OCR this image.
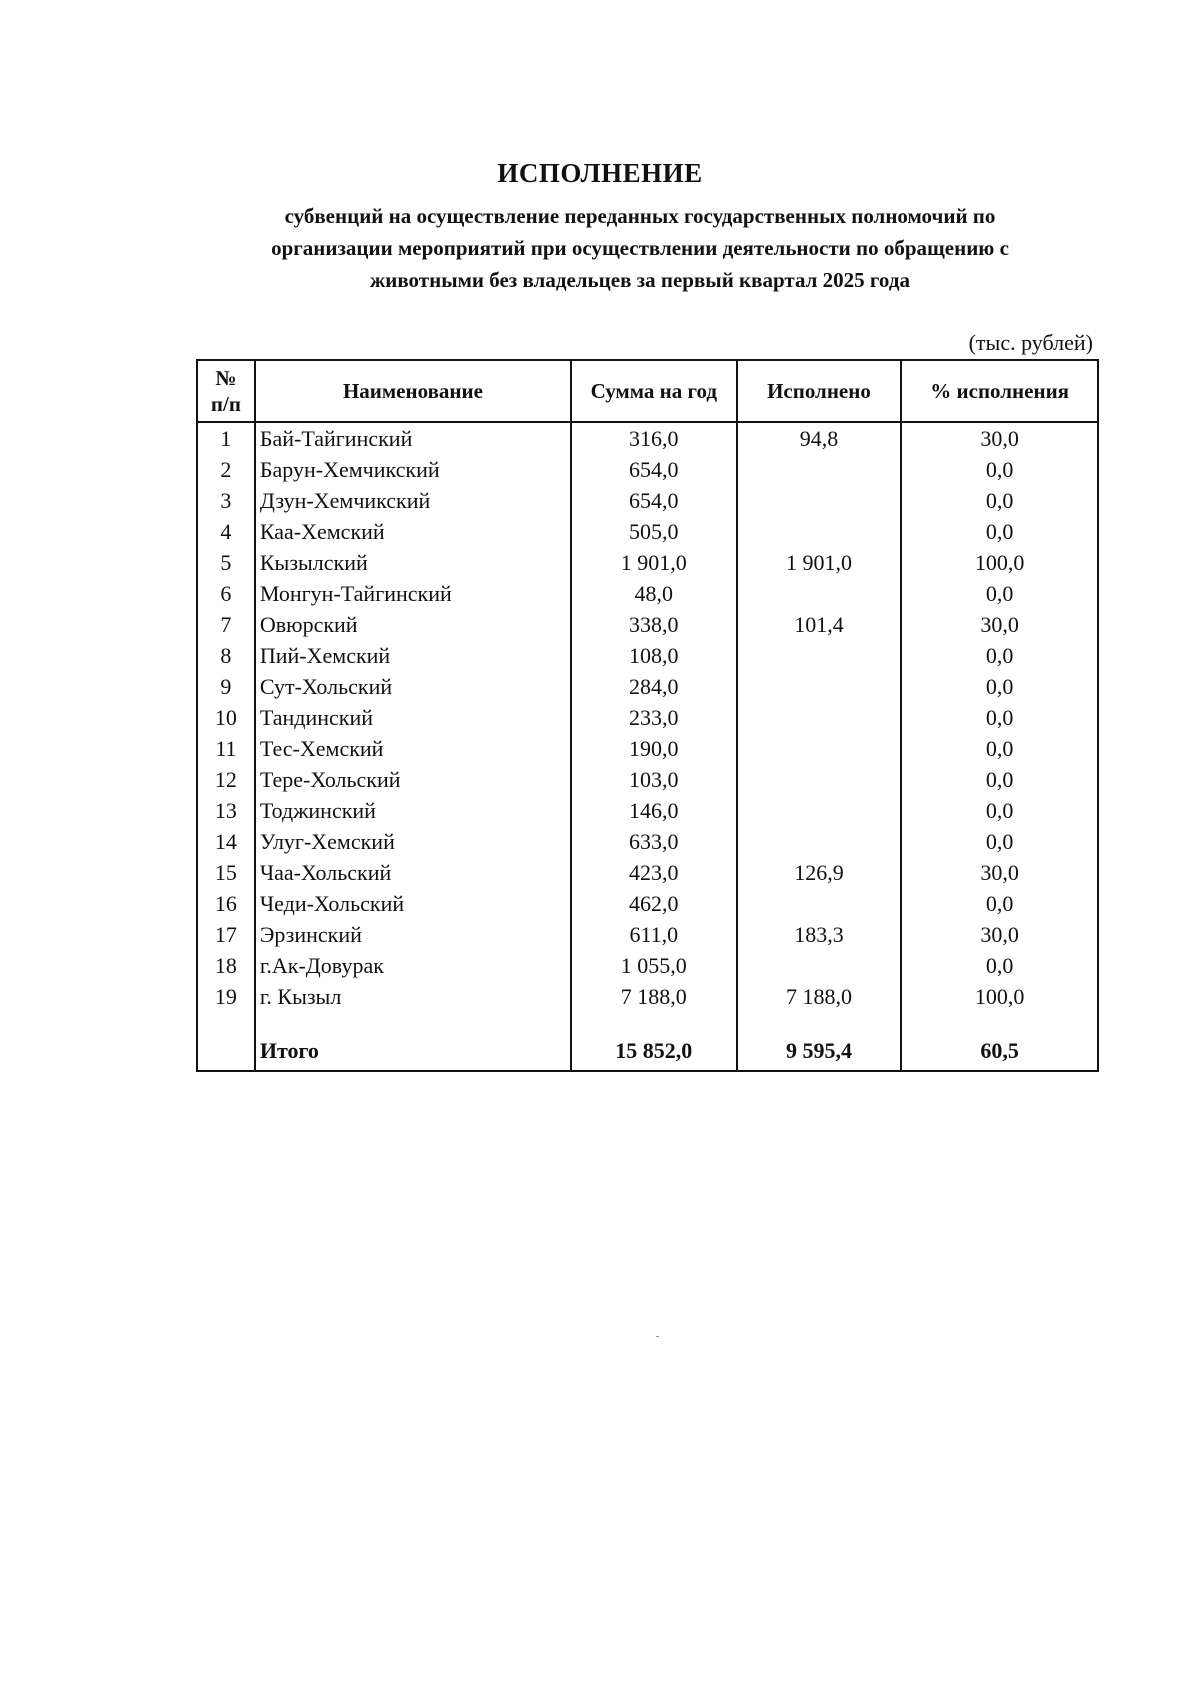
ИСПОЛНЕНИЕ
субвенций на осуществление переданных государственных полномочий по
организации мероприятий при осуществлении деятельности по обращению с
животными без владельцев за первый квартал 2025 года
(тыс. рублей)
№
п/п	Наименование	Сумма на год	Исполнено	% исполнения
1	Бай-Тайгинский	316,0	94,8	30,0
2	Барун-Хемчикский	654,0		0,0
3	Дзун-Хемчикский	654,0		0,0
4	Каа-Хемский	505,0		0,0
5	Кызылский	1 901,0	1 901,0	100,0
6	Монгун-Тайгинский	48,0		0,0
7	Овюрский	338,0	101,4	30,0
8	Пий-Хемский	108,0		0,0
9	Сут-Хольский	284,0		0,0
10	Тандинский	233,0		0,0
11	Тес-Хемский	190,0		0,0
12	Тере-Хольский	103,0		0,0
13	Тоджинский	146,0		0,0
14	Улуг-Хемский	633,0		0,0
15	Чаа-Хольский	423,0	126,9	30,0
16	Чеди-Хольский	462,0		0,0
17	Эрзинский	611,0	183,3	30,0
18	г.Ак-Довурак	1 055,0		0,0
19	г. Кызыл	7 188,0	7 188,0	100,0

	Итого	15 852,0	9 595,4	60,5
